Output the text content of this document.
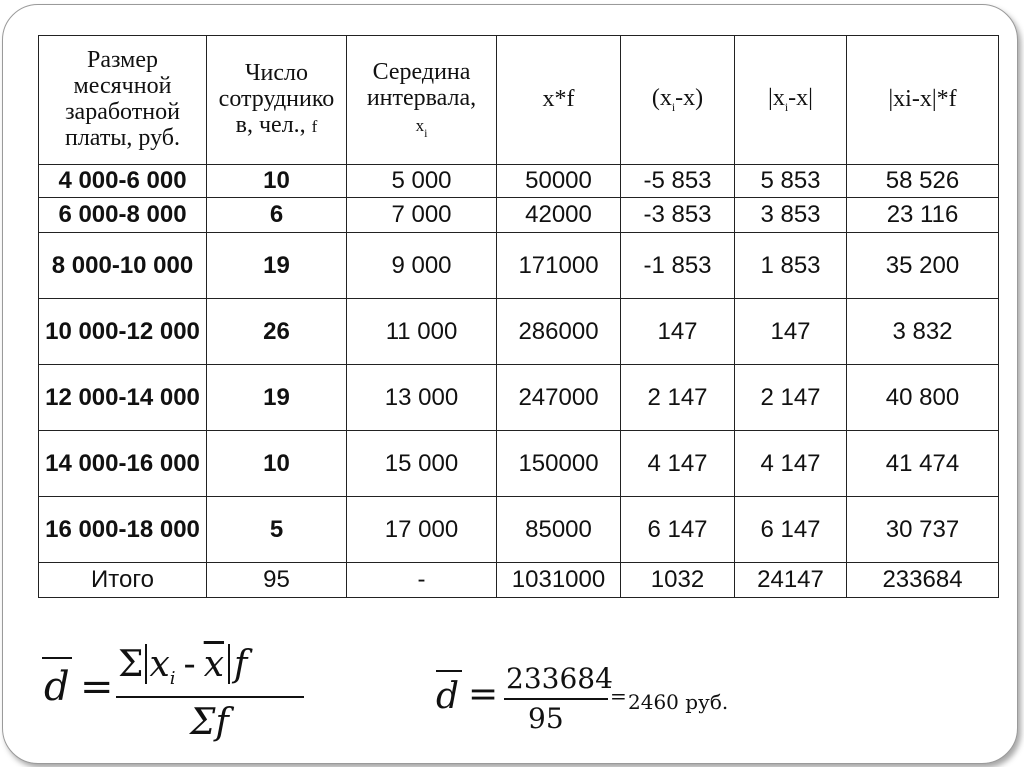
Размер
месячной
заработной
платы, руб.	Число
сотруднико
в, чел., f	Середина
интервала,
$x_i$	x*f	$(x_i-x)$	$|x_i-x|$	|xi-x|*f
4 000-6 000	10	5 000	50000	-5 853	5 853	58 526
6 000-8 000	6	7 000	42000	-3 853	3 853	23 116
8 000-10 000	19	9 000	171000	-1 853	1 853	35 200
10 000-12 000	26	11 000	286000	147	147	3 832
12 000-14 000	19	13 000	247000	2 147	2 147	40 800
14 000-16 000	10	15 000	150000	4 147	4 147	41 474
16 000-18 000	5	17 000	85000	6 147	6 147	30 737
Итого	95	-	1031000	1032	24147	233684
d = Σ $x_i - \overline{x}$ f
Σf
d = 233684
95
= 2460 руб.
